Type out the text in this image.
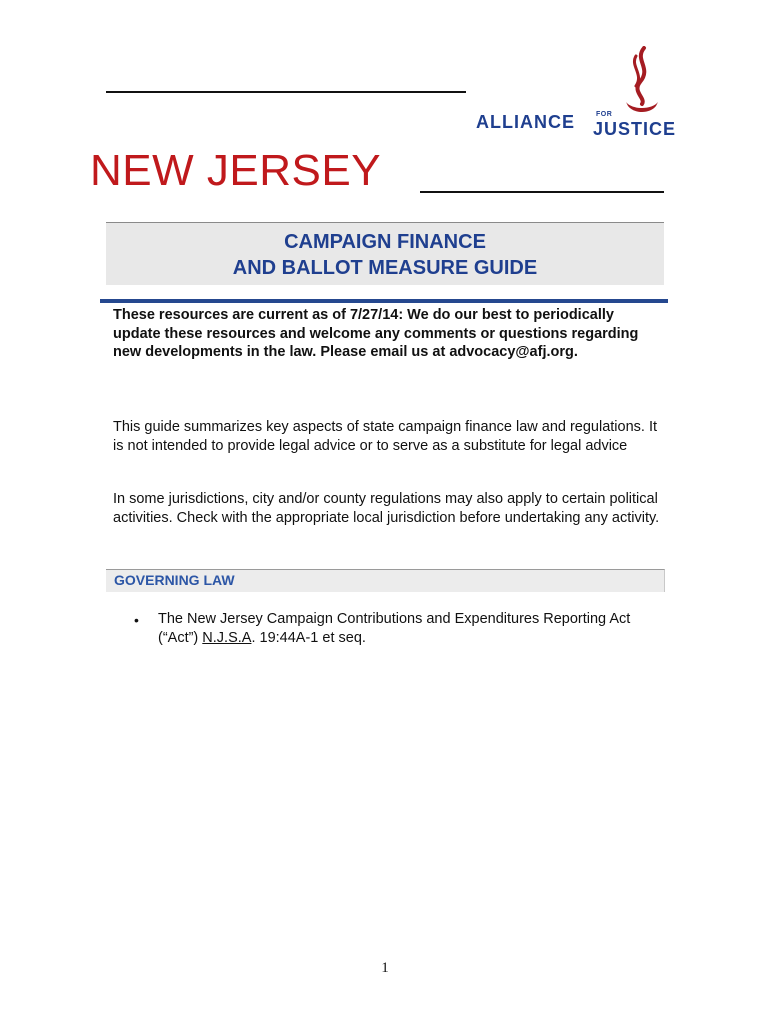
ALLIANCE	FOR
JUSTICE
NEW JERSEY
CAMPAIGN FINANCE
AND BALLOT MEASURE GUIDE

These resources are current as of 7/27/14: We do our best to periodically update these resources and welcome any comments or questions regarding new developments in the law. Please email us at advocacy@afj.org.

This guide summarizes key aspects of state campaign finance law and regulations. It is not intended to provide legal advice or to serve as a substitute for legal advice

In some jurisdictions, city and/or county regulations may also apply to certain political activities. Check with the appropriate local jurisdiction before undertaking any activity.

GOVERNING LAW
• The New Jersey Campaign Contributions and Expenditures Reporting Act (“Act”) N.J.S.A. 19:44A-1 et seq.
1
